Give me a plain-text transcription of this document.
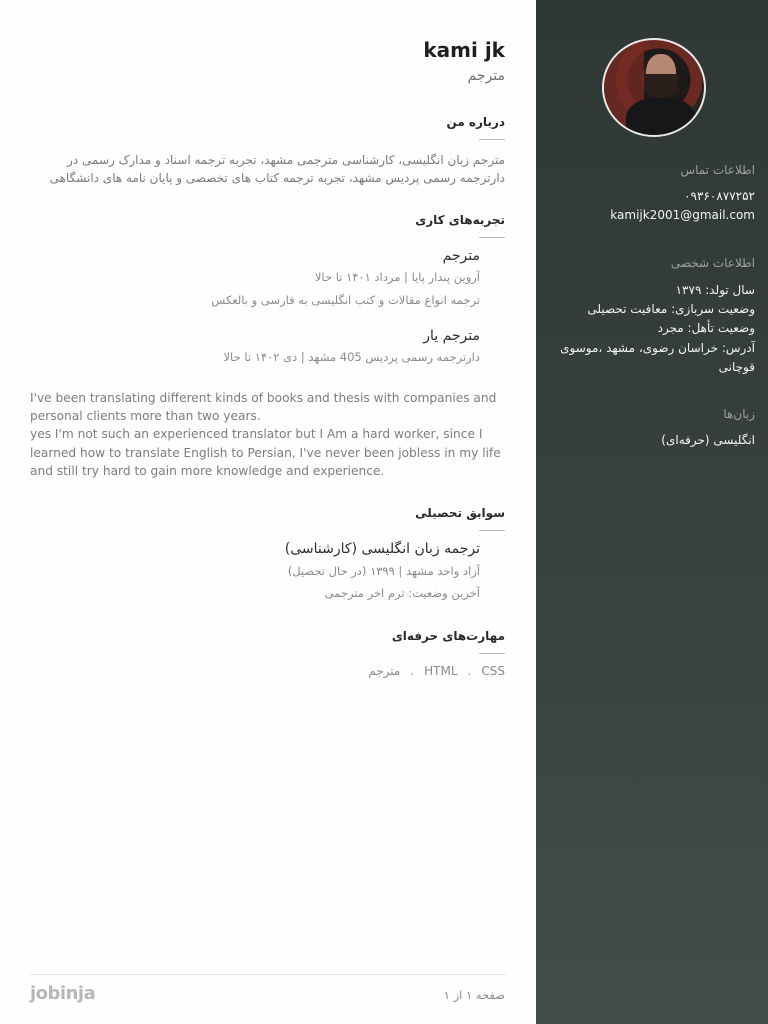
kami jk
مترجم
درباره من
مترجم زبان انگلیسی، کارشناسی مترجمی مشهد، تجربه ترجمه اسناد و مدارک رسمی در دارترجمه رسمی پردیس مشهد، تجربه ترجمه کتاب های تخصصی و پایان نامه های دانشگاهی
تجربه‌های کاری
مترجم
آروین پندار پایا | مرداد ۱۴۰۱ تا حالا
ترجمه انواع مقالات و کتب انگلیسی به فارسی و بالعکس
مترجم یار
دارترجمه رسمی پردیس 405 مشهد | دی ۱۴۰۲ تا حالا
I've been translating different kinds of books and thesis with companies and
personal clients more than two years.
yes I'm not such an experienced translator but I Am a hard worker, since I
learned how to translate English to Persian, I've never been jobless in my life
and still try hard to gain more knowledge and experience.
سوابق تحصیلی
ترجمه زبان انگلیسی (کارشناسی)
آزاد واحد مشهد | ۱۳۹۹ (در حال تحصیل)
آخرین وضعیت: ترم اخر مترجمی
مهارت‌های حرفه‌ای
HTML . CSS.مترجم
jobinja	صفحه ۱ از ۱
اطلاعات تماس
۰۹۳۶۰۸۷۷۲۵۲
kamijk2001@gmail.com
اطلاعات شخصی
سال تولد: ۱۳۷۹
وضعیت سربازی: معافیت تحصیلی
وضعیت تأهل: مجرد
آدرس: خراسان رضوی، مشهد ،موسوی قوچانی
زبان‌ها
انگلیسی (حرفه‌ای)
